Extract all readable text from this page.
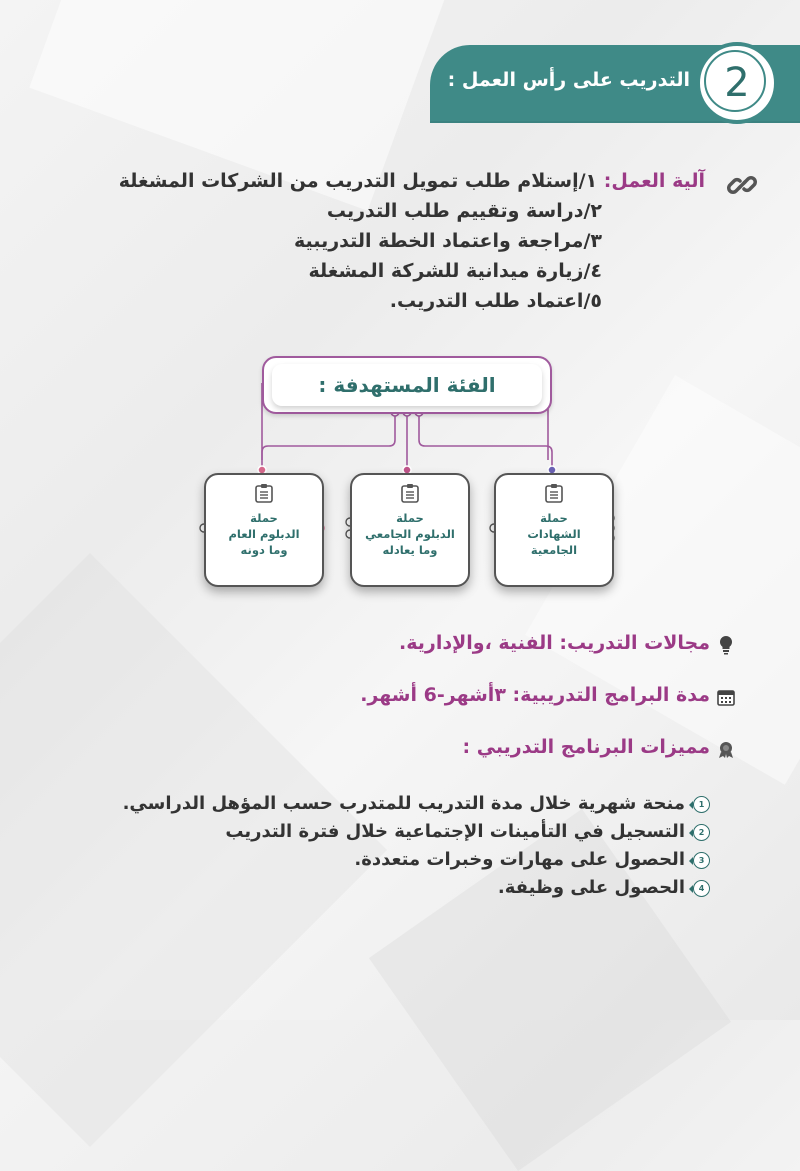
التدريب على رأس العمل : 2
آلية العمل: ١/إستلام طلب تمويل التدريب من الشركات المشغلة
٢/دراسة وتقييم طلب التدريب
٣/مراجعة واعتماد الخطة التدريبية
٤/زيارة ميدانية للشركة المشغلة
٥/اعتماد طلب التدريب.
الفئة المستهدفة :
حملة
الشهادات
الجامعية
حملة
الدبلوم الجامعي
وما يعادله
حملة
الدبلوم العام
وما دونه
مجالات التدريب: الفنية ،والإدارية.
مدة البرامج التدريبية: ٣أشهر-6 أشهر.
مميزات البرنامج التدريبي :
1
منحة شهرية خلال مدة التدريب للمتدرب حسب المؤهل الدراسي.
2
التسجيل في التأمينات الإجتماعية خلال فترة التدريب
3
الحصول على مهارات وخبرات متعددة.
4
الحصول على وظيفة.
